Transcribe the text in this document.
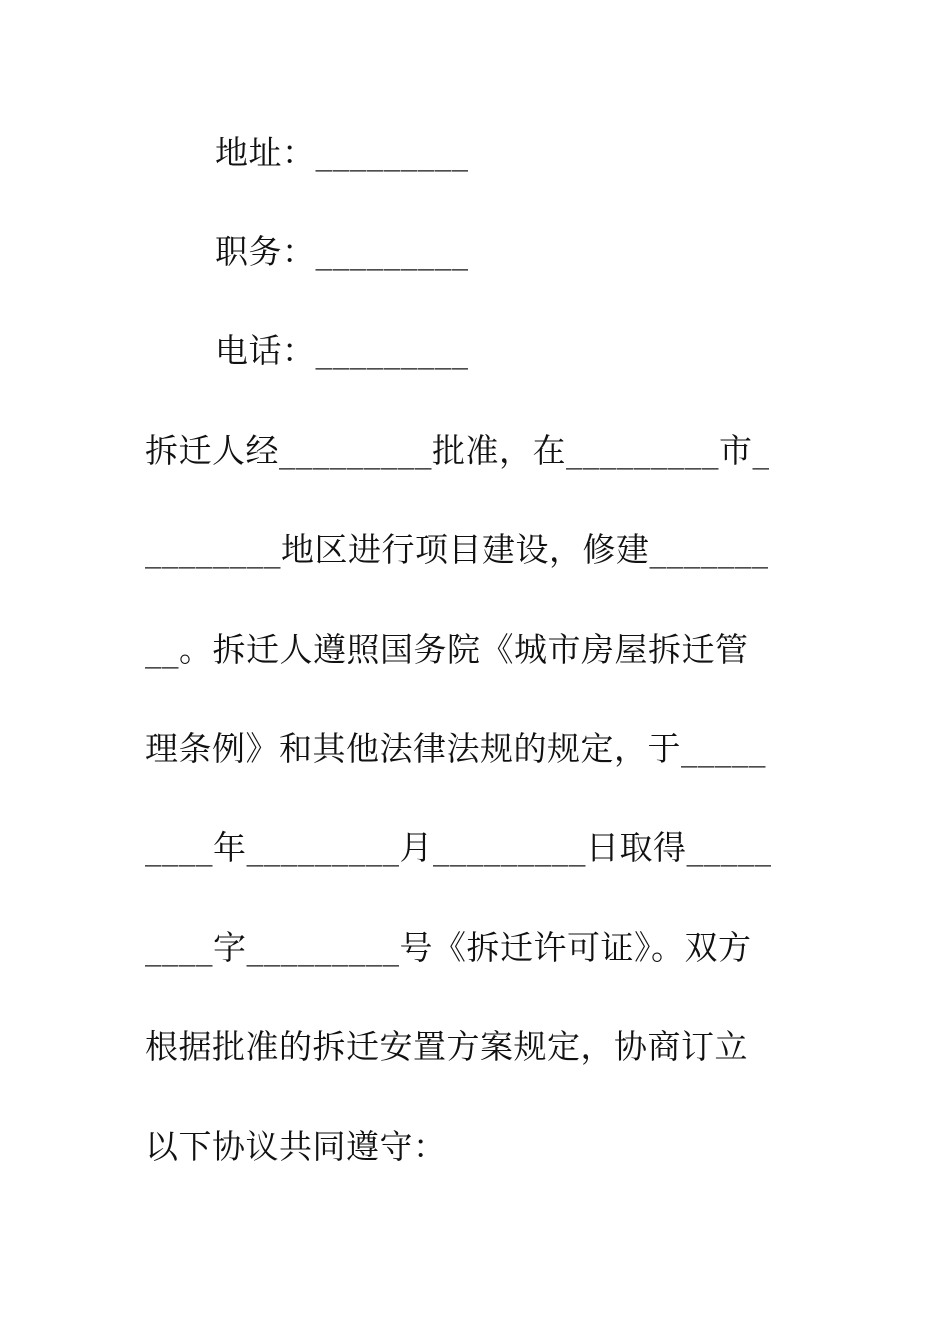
地址：_________
职务：_________
电话：_________
拆迁人经_________批准，在_________市_
________地区进行项目建设，修建_______
__。拆迁人遵照国务院《城市房屋拆迁管
理条例》和其他法律法规的规定，于_____
____年_________月_________日取得_____
____字_________号《拆迁许可证》。双方
根据批准的拆迁安置方案规定，协商订立
以下协议共同遵守：
